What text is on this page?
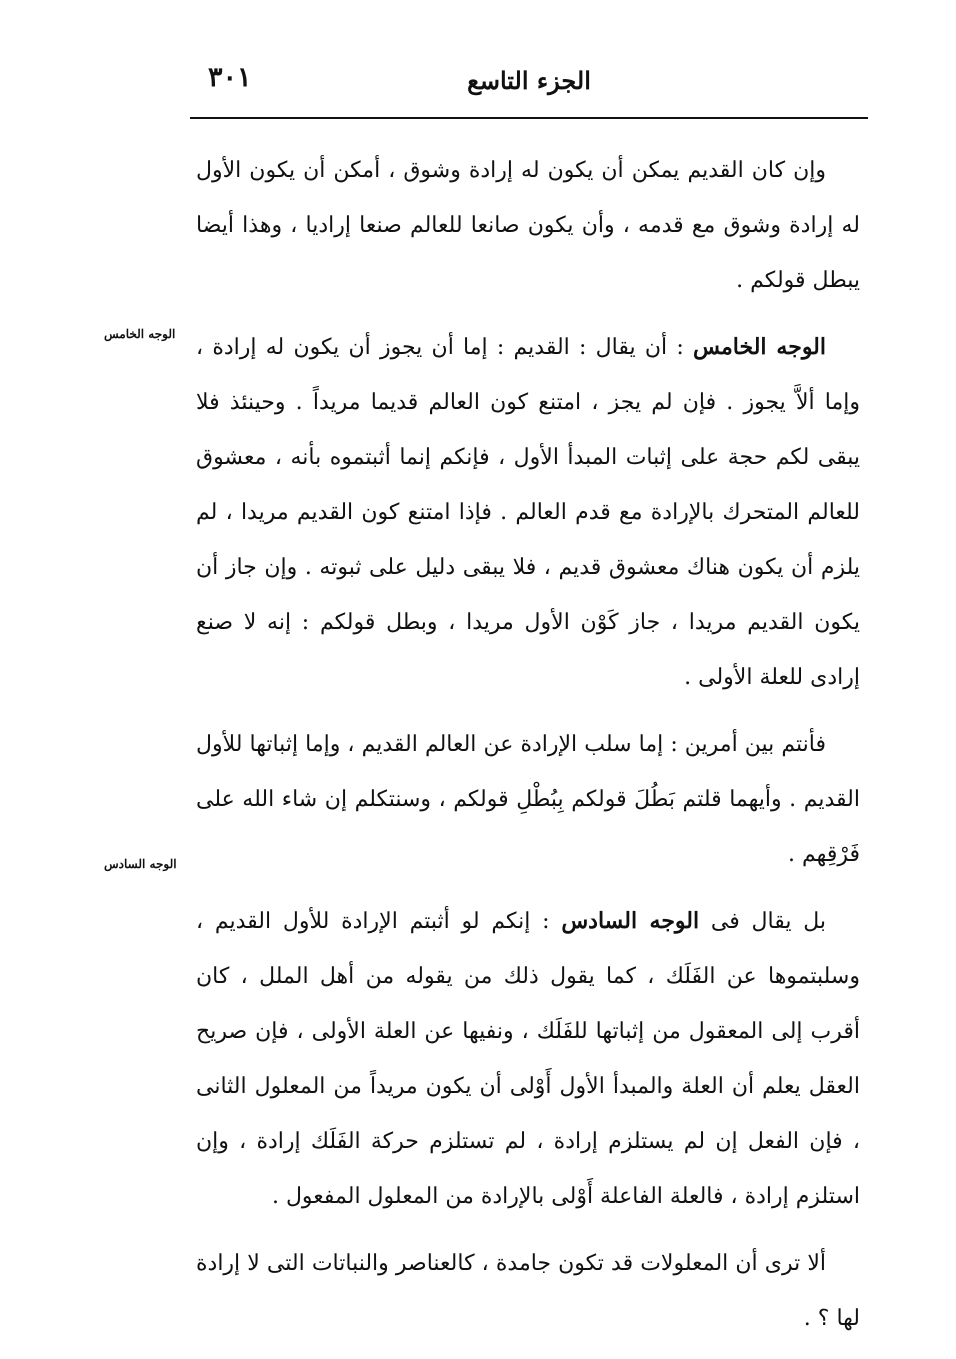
٣٠١	الجزء التاسع
الوجه الخامس
الوجه السادس

وإن كان القديم يمكن أن يكون له إرادة وشوق ، أمكن أن يكون الأول له إرادة وشوق مع قدمه ، وأن يكون صانعا للعالم صنعا إراديا ، وهذا أيضا يبطل قولكم .

الوجه الخامس : أن يقال : القديم : إما أن يجوز أن يكون له إرادة ، وإما ألاَّ يجوز . فإن لم يجز ، امتنع كون العالم قديما مريداً . وحينئذ فلا يبقى لكم حجة على إثبات المبدأ الأول ، فإنكم إنما أثبتموه بأنه ، معشوق للعالم المتحرك بالإرادة مع قدم العالم . فإذا امتنع كون القديم مريدا ، لم يلزم أن يكون هناك معشوق قديم ، فلا يبقى دليل على ثبوته . وإن جاز أن يكون القديم مريدا ، جاز كَوْن الأول مريدا ، وبطل قولكم : إنه لا صنع إرادى للعلة الأولى .

فأنتم بين أمرين : إما سلب الإرادة عن العالم القديم ، وإما إثباتها للأول القديم . وأيهما قلتم بَطُلَ قولكم بِبُطْلِ قولكم ، وسنتكلم إن شاء الله على فَرْقِهم .

بل يقال فى الوجه السادس : إنكم لو أثبتم الإرادة للأول القديم ، وسلبتموها عن الفَلَك ، كما يقول ذلك من يقوله من أهل الملل ، كان أقرب إلى المعقول من إثباتها للفَلَك ، ونفيها عن العلة الأولى ، فإن صريح العقل يعلم أن العلة والمبدأ الأول أَوْلى أن يكون مريداً من المعلول الثانى ، فإن الفعل إن لم يستلزم إرادة ، لم تستلزم حركة الفَلَك إرادة ، وإن استلزم إرادة ، فالعلة الفاعلة أَوْلى بالإرادة من المعلول المفعول .

ألا ترى أن المعلولات قد تكون جامدة ، كالعناصر والنباتات التى لا إرادة لها ؟ .
